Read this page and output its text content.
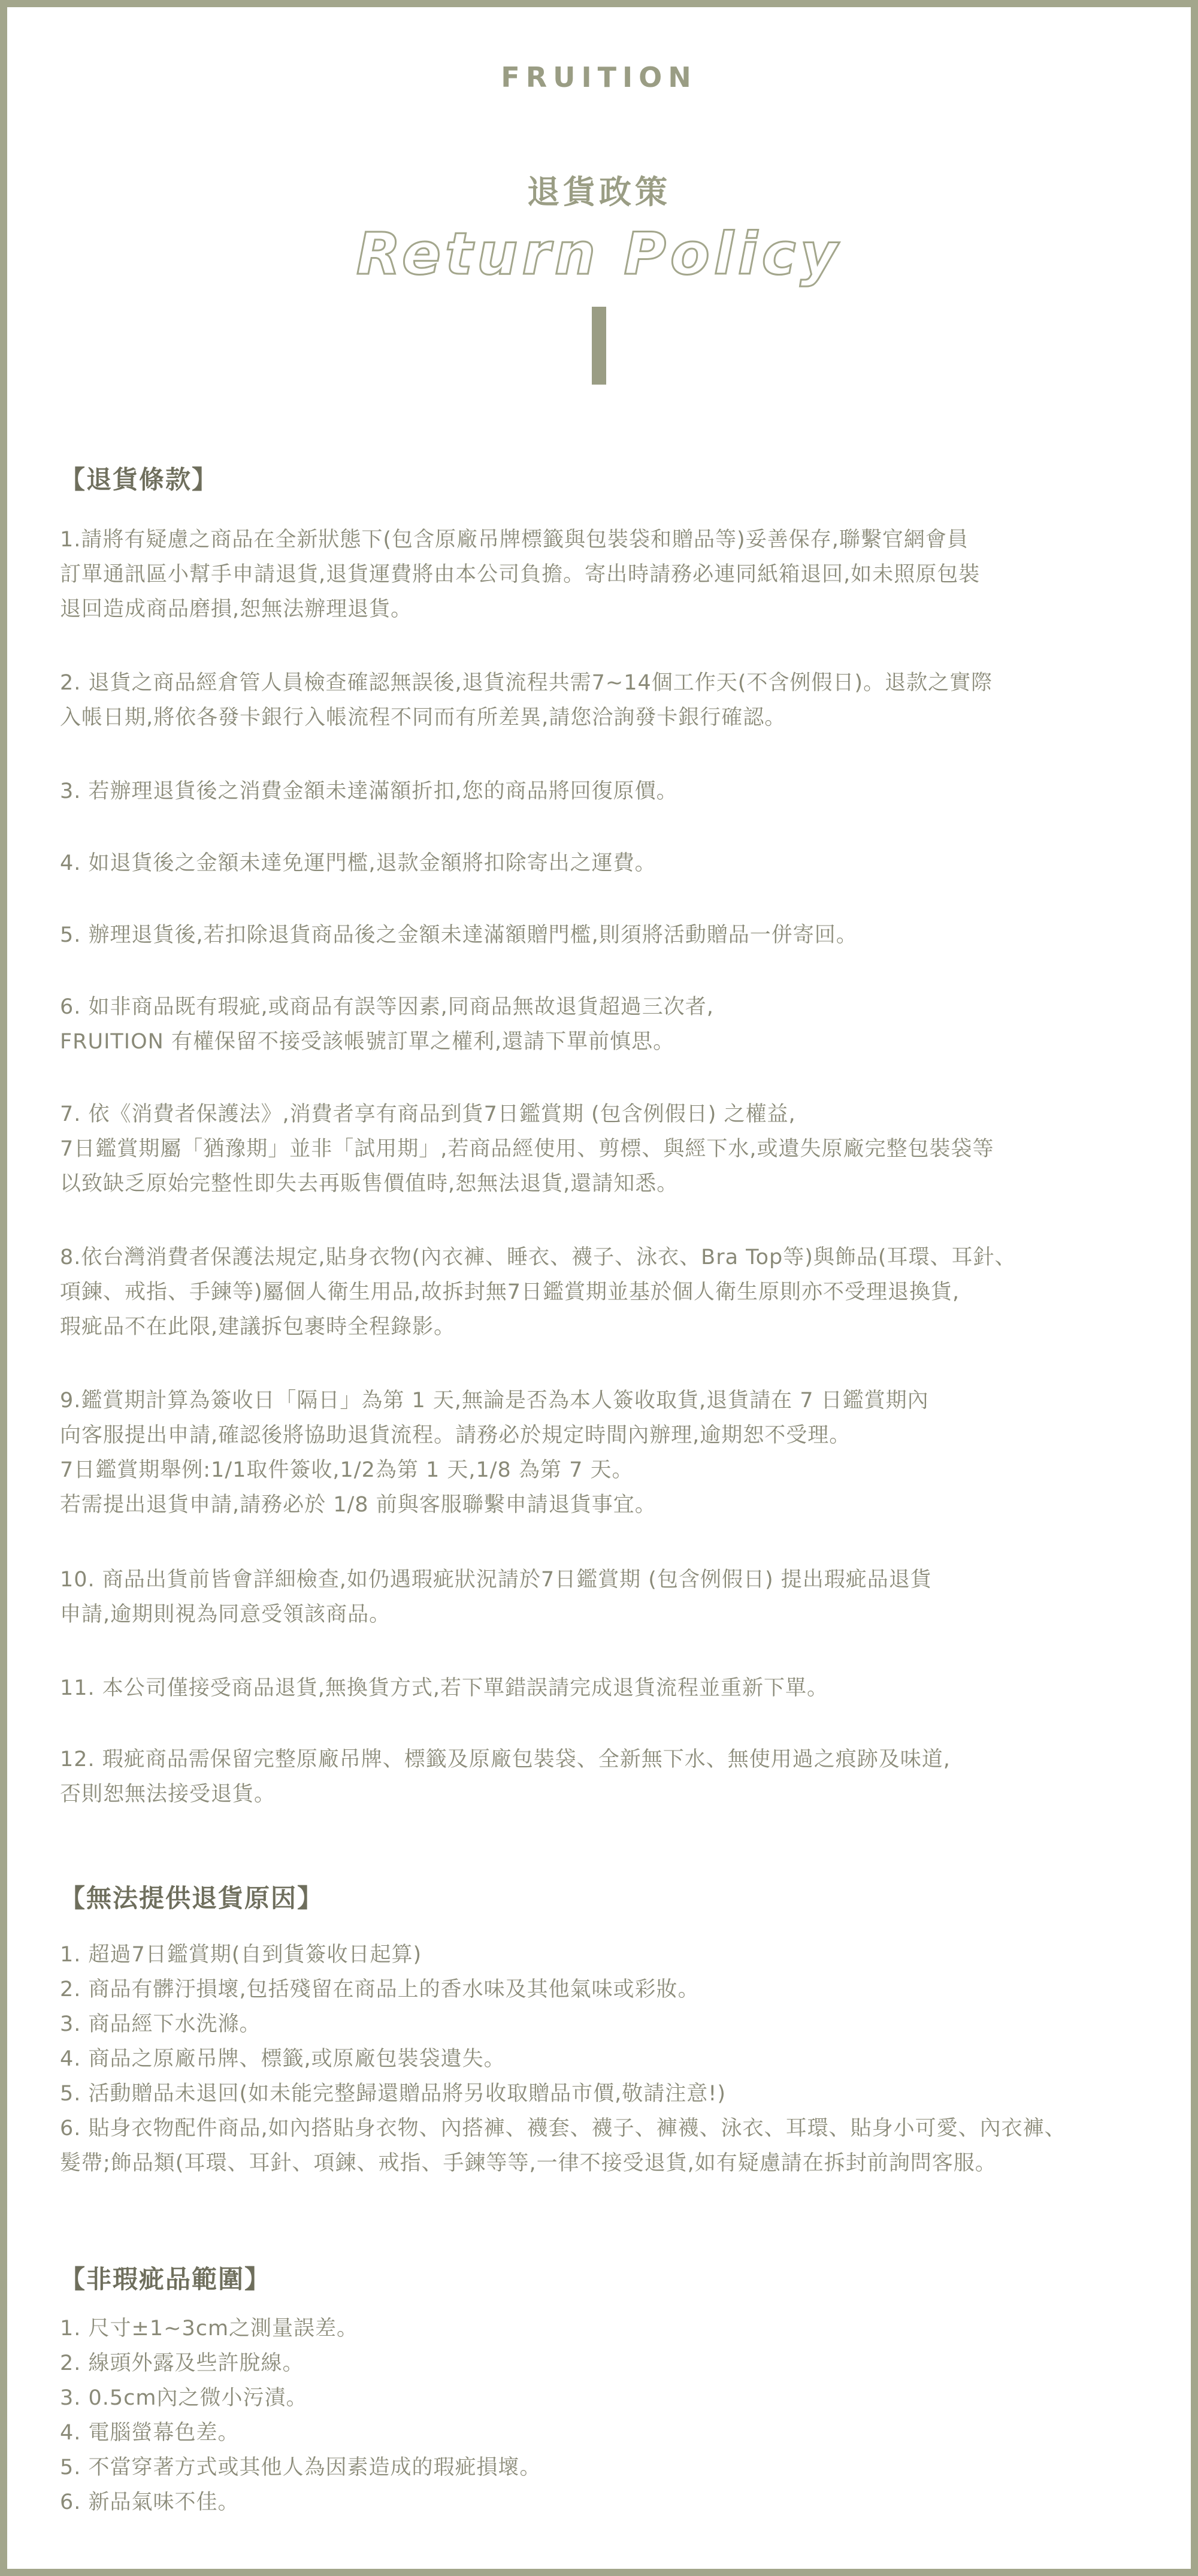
FRUITION
退貨政策
Return Policy
【退貨條款】

1.請將有疑慮之商品在全新狀態下(包含原廠吊牌標籤與包裝袋和贈品等)妥善保存,聯繫官網會員
訂單通訊區小幫手申請退貨,退貨運費將由本公司負擔。寄出時請務必連同紙箱退回,如未照原包裝
退回造成商品磨損,恕無法辦理退貨。

2. 退貨之商品經倉管人員檢查確認無誤後,退貨流程共需7~14個工作天(不含例假日)。退款之實際
入帳日期,將依各發卡銀行入帳流程不同而有所差異,請您洽詢發卡銀行確認。

3. 若辦理退貨後之消費金額未達滿額折扣,您的商品將回復原價。

4. 如退貨後之金額未達免運門檻,退款金額將扣除寄出之運費。

5. 辦理退貨後,若扣除退貨商品後之金額未達滿額贈門檻,則須將活動贈品一併寄回。

6. 如非商品既有瑕疵,或商品有誤等因素,同商品無故退貨超過三次者,
FRUITION 有權保留不接受該帳號訂單之權利,還請下單前慎思。

7. 依《消費者保護法》,消費者享有商品到貨7日鑑賞期 (包含例假日) 之權益,
7日鑑賞期屬「猶豫期」並非「試用期」,若商品經使用、剪標、與經下水,或遺失原廠完整包裝袋等
以致缺乏原始完整性即失去再販售價值時,恕無法退貨,還請知悉。

8.依台灣消費者保護法規定,貼身衣物(內衣褲、睡衣、襪子、泳衣、Bra Top等)與飾品(耳環、耳針、
項鍊、戒指、手鍊等)屬個人衛生用品,故拆封無7日鑑賞期並基於個人衛生原則亦不受理退換貨,
瑕疵品不在此限,建議拆包裹時全程錄影。

9.鑑賞期計算為簽收日「隔日」為第 1 天,無論是否為本人簽收取貨,退貨請在 7 日鑑賞期內
向客服提出申請,確認後將協助退貨流程。請務必於規定時間內辦理,逾期恕不受理。
7日鑑賞期舉例:1/1取件簽收,1/2為第 1 天,1/8 為第 7 天。
若需提出退貨申請,請務必於 1/8 前與客服聯繫申請退貨事宜。

10. 商品出貨前皆會詳細檢查,如仍遇瑕疵狀況請於7日鑑賞期 (包含例假日) 提出瑕疵品退貨
申請,逾期則視為同意受領該商品。

11. 本公司僅接受商品退貨,無換貨方式,若下單錯誤請完成退貨流程並重新下單。

12. 瑕疵商品需保留完整原廠吊牌、標籤及原廠包裝袋、全新無下水、無使用過之痕跡及味道,
否則恕無法接受退貨。

【無法提供退貨原因】

1. 超過7日鑑賞期(自到貨簽收日起算)
2. 商品有髒汙損壞,包括殘留在商品上的香水味及其他氣味或彩妝。
3. 商品經下水洗滌。
4. 商品之原廠吊牌、標籤,或原廠包裝袋遺失。
5. 活動贈品未退回(如未能完整歸還贈品將另收取贈品市價,敬請注意!)
6. 貼身衣物配件商品,如內搭貼身衣物、內搭褲、襪套、襪子、褲襪、泳衣、耳環、貼身小可愛、內衣褲、
髮帶;飾品類(耳環、耳針、項鍊、戒指、手鍊等等,一律不接受退貨,如有疑慮請在拆封前詢問客服。

【非瑕疵品範圍】

1. 尺寸±1~3cm之測量誤差。
2. 線頭外露及些許脫線。
3. 0.5cm內之微小污漬。
4. 電腦螢幕色差。
5. 不當穿著方式或其他人為因素造成的瑕疵損壞。
6. 新品氣味不佳。
